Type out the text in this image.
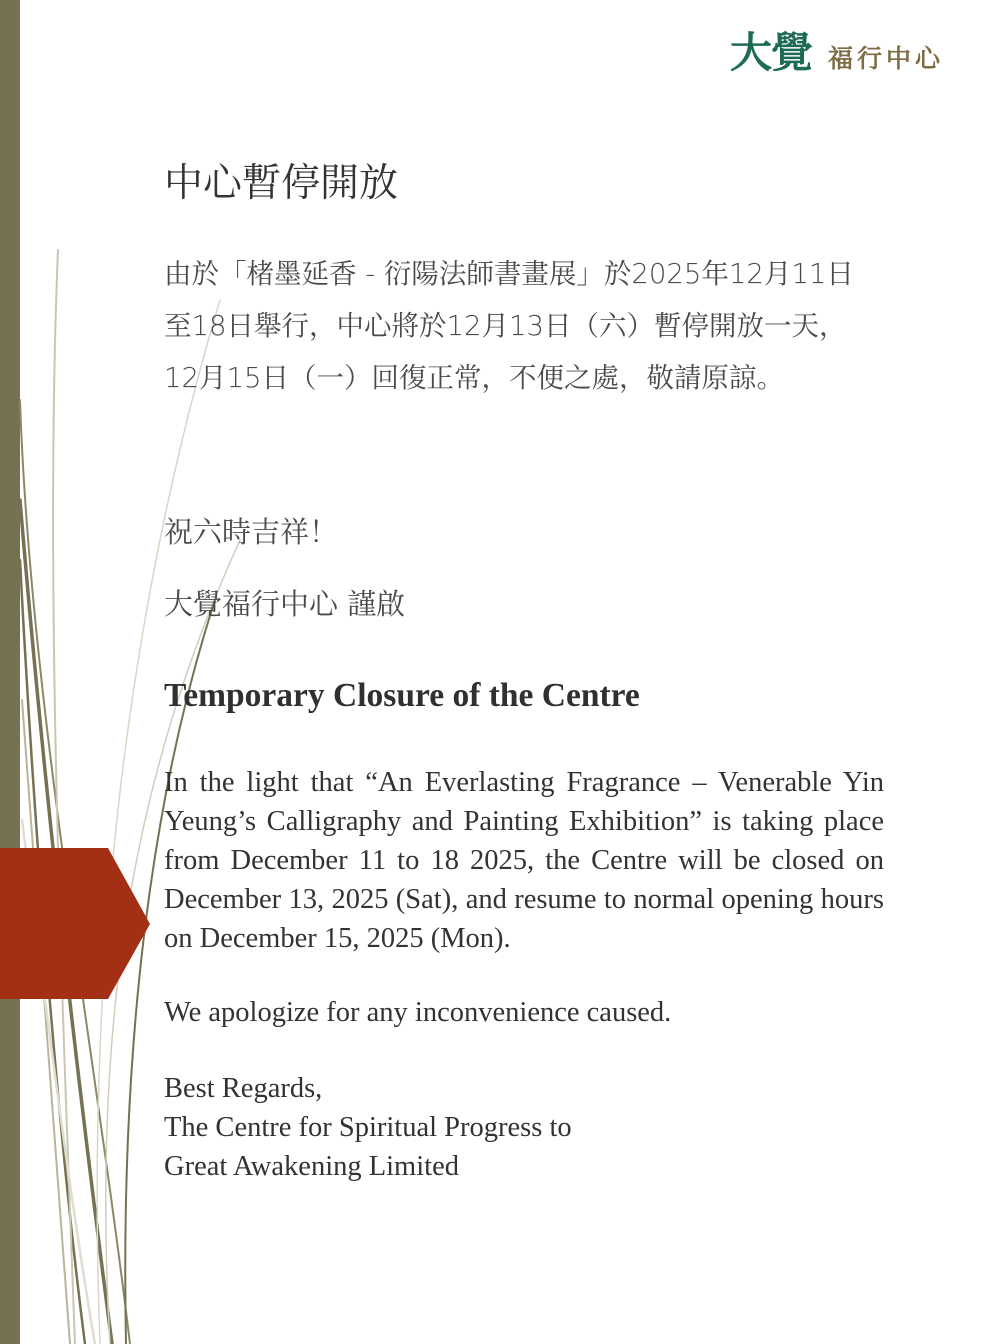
大覺 福行中心
中心暫停開放
由於「楮墨延香 - 衍陽法師書畫展」於2025年12月11日至18日舉行，中心將於12月13日（六）暫停開放一天，12月15日（一）回復正常，不便之處，敬請原諒。
祝六時吉祥！
大覺福行中心 謹啟
Temporary Closure of the Centre
In the light that “An Everlasting Fragrance – Venerable Yin Yeung’s Calligraphy and Painting Exhibition” is taking place from December 11 to 18 2025, the Centre will be closed on December 13, 2025 (Sat), and resume to normal opening hours on December 15, 2025 (Mon).
We apologize for any inconvenience caused.
Best Regards,
The Centre for Spiritual Progress to
Great Awakening Limited
